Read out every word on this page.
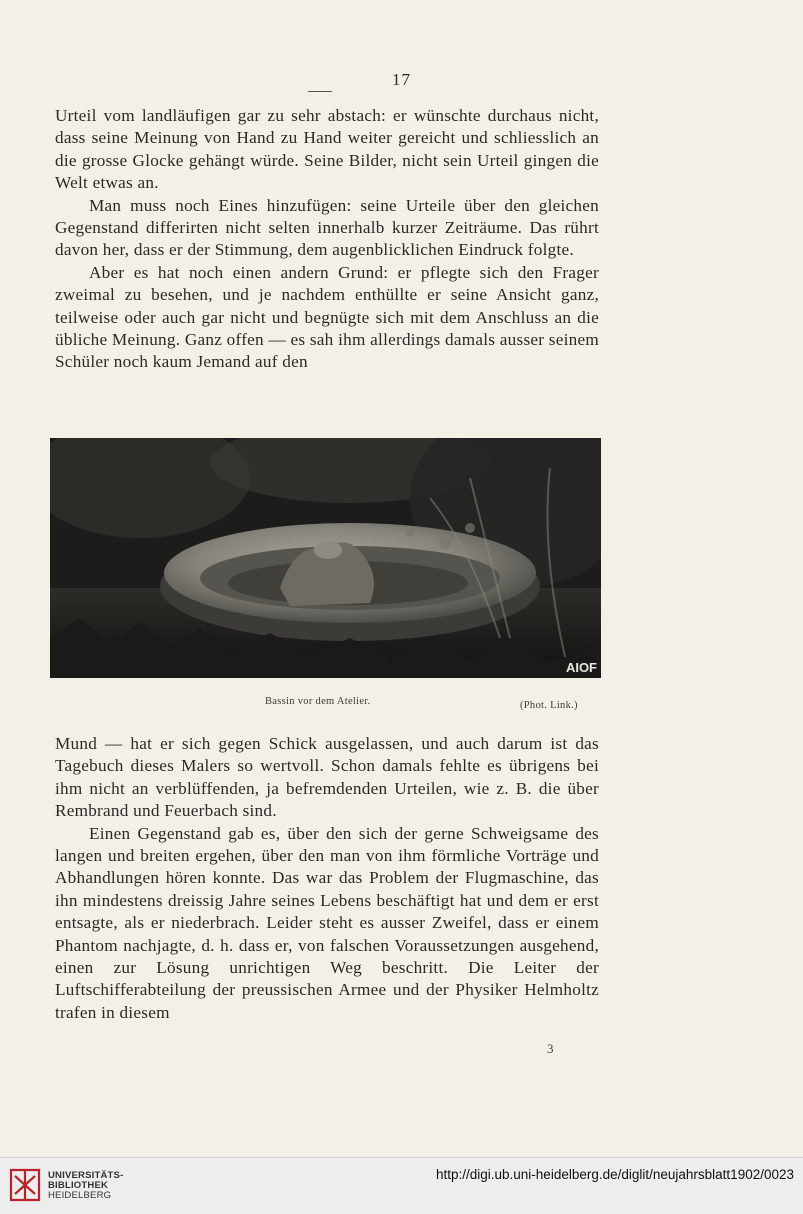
17

Urteil vom landläufigen gar zu sehr abstach: er wünschte durchaus nicht, dass seine Meinung von Hand zu Hand weiter gereicht und schliesslich an die grosse Glocke gehängt würde. Seine Bilder, nicht sein Urteil gingen die Welt etwas an.

Man muss noch Eines hinzufügen: seine Urteile über den gleichen Gegenstand differirten nicht selten innerhalb kurzer Zeiträume. Das rührt davon her, dass er der Stimmung, dem augenblicklichen Eindruck folgte.

Aber es hat noch einen andern Grund: er pflegte sich den Frager zweimal zu besehen, und je nachdem enthüllte er seine Ansicht ganz, teilweise oder auch gar nicht und begnügte sich mit dem Anschluss an die übliche Meinung. Ganz offen — es sah ihm allerdings damals ausser seinem Schüler noch kaum Jemand auf den

AIOF
Bassin vor dem Atelier.	(Phot. Link.)

Mund — hat er sich gegen Schick ausgelassen, und auch darum ist das Tagebuch dieses Malers so wertvoll. Schon damals fehlte es übrigens bei ihm nicht an verblüffenden, ja befremdenden Urteilen, wie z. B. die über Rembrand und Feuerbach sind.

Einen Gegenstand gab es, über den sich der gerne Schweigsame des langen und breiten ergehen, über den man von ihm förmliche Vorträge und Abhandlungen hören konnte. Das war das Problem der Flugmaschine, das ihn mindestens dreissig Jahre seines Lebens beschäftigt hat und dem er erst entsagte, als er niederbrach. Leider steht es ausser Zweifel, dass er einem Phantom nachjagte, d. h. dass er, von falschen Voraussetzungen ausgehend, einen zur Lösung unrichtigen Weg beschritt. Die Leiter der Luftschifferabteilung der preussischen Armee und der Physiker Helmholtz trafen in diesem

3
UNIVERSITÄTS-
BIBLIOTHEK
HEIDELBERG
http://digi.ub.uni-heidelberg.de/diglit/neujahrsblatt1902/0023
